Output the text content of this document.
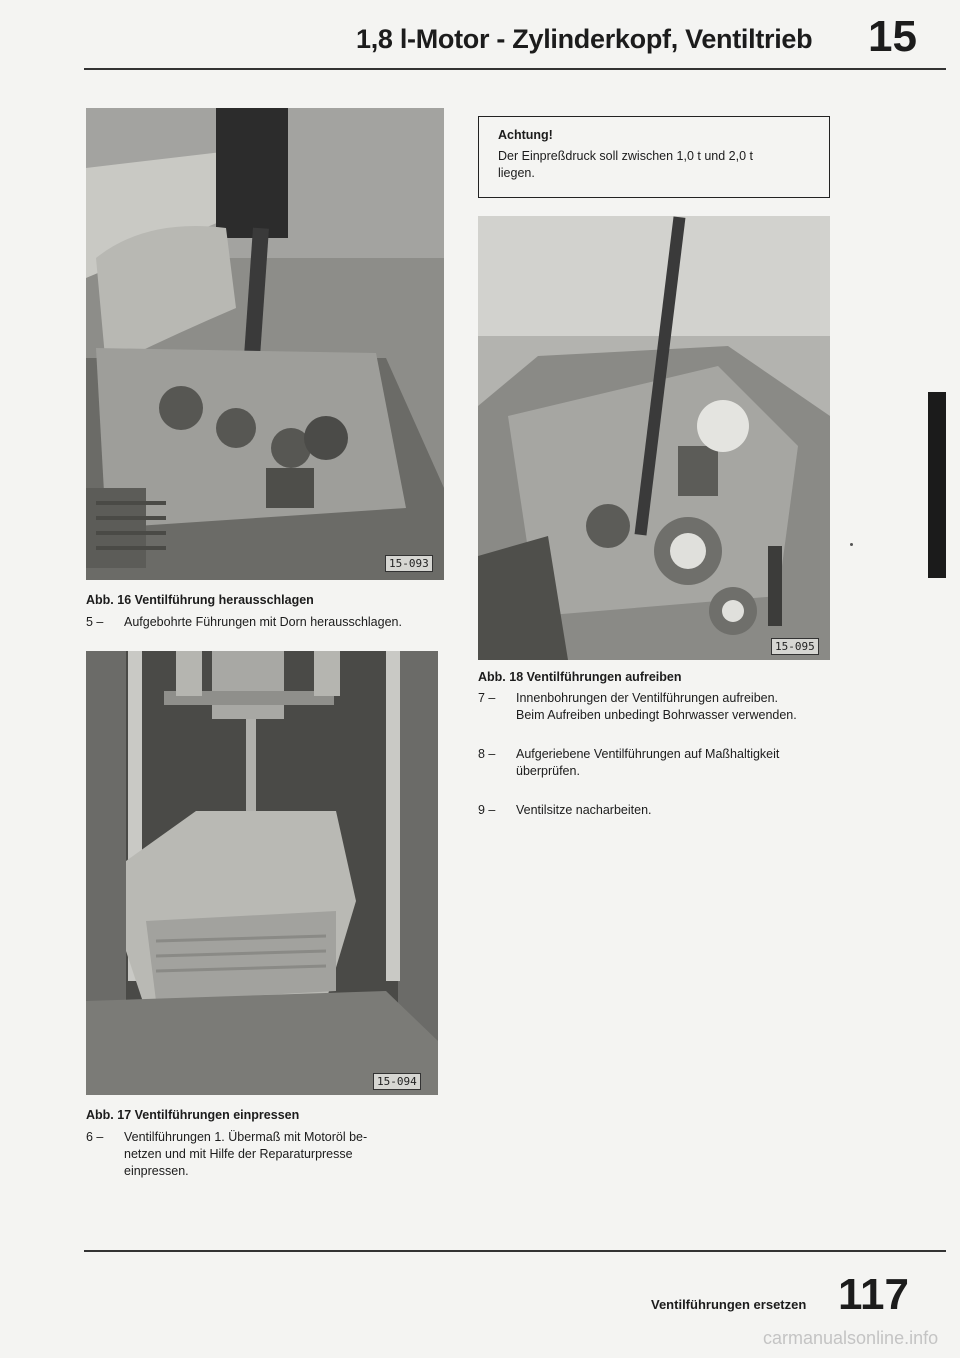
1,8 l-Motor - Zylinderkopf, Ventiltrieb 15
15-093
Abb. 16 Ventilführung herausschlagen
5 – Aufgebohrte Führungen mit Dorn herausschlagen.
15-094
Abb. 17 Ventilführungen einpressen
6 – Ventilführungen 1. Übermaß mit Motoröl be-
netzen und mit Hilfe der Reparaturpresse
einpressen.
Achtung!
Der Einpreßdruck soll zwischen 1,0 t und 2,0 t
liegen.
15-095
Abb. 18 Ventilführungen aufreiben
7 – Innenbohrungen der Ventilführungen aufreiben.
Beim Aufreiben unbedingt Bohrwasser verwenden.
8 – Aufgeriebene Ventilführungen auf Maßhaltigkeit
überprüfen.
9 – Ventilsitze nacharbeiten.
Ventilführungen ersetzen 117
carmanualsonline.info
